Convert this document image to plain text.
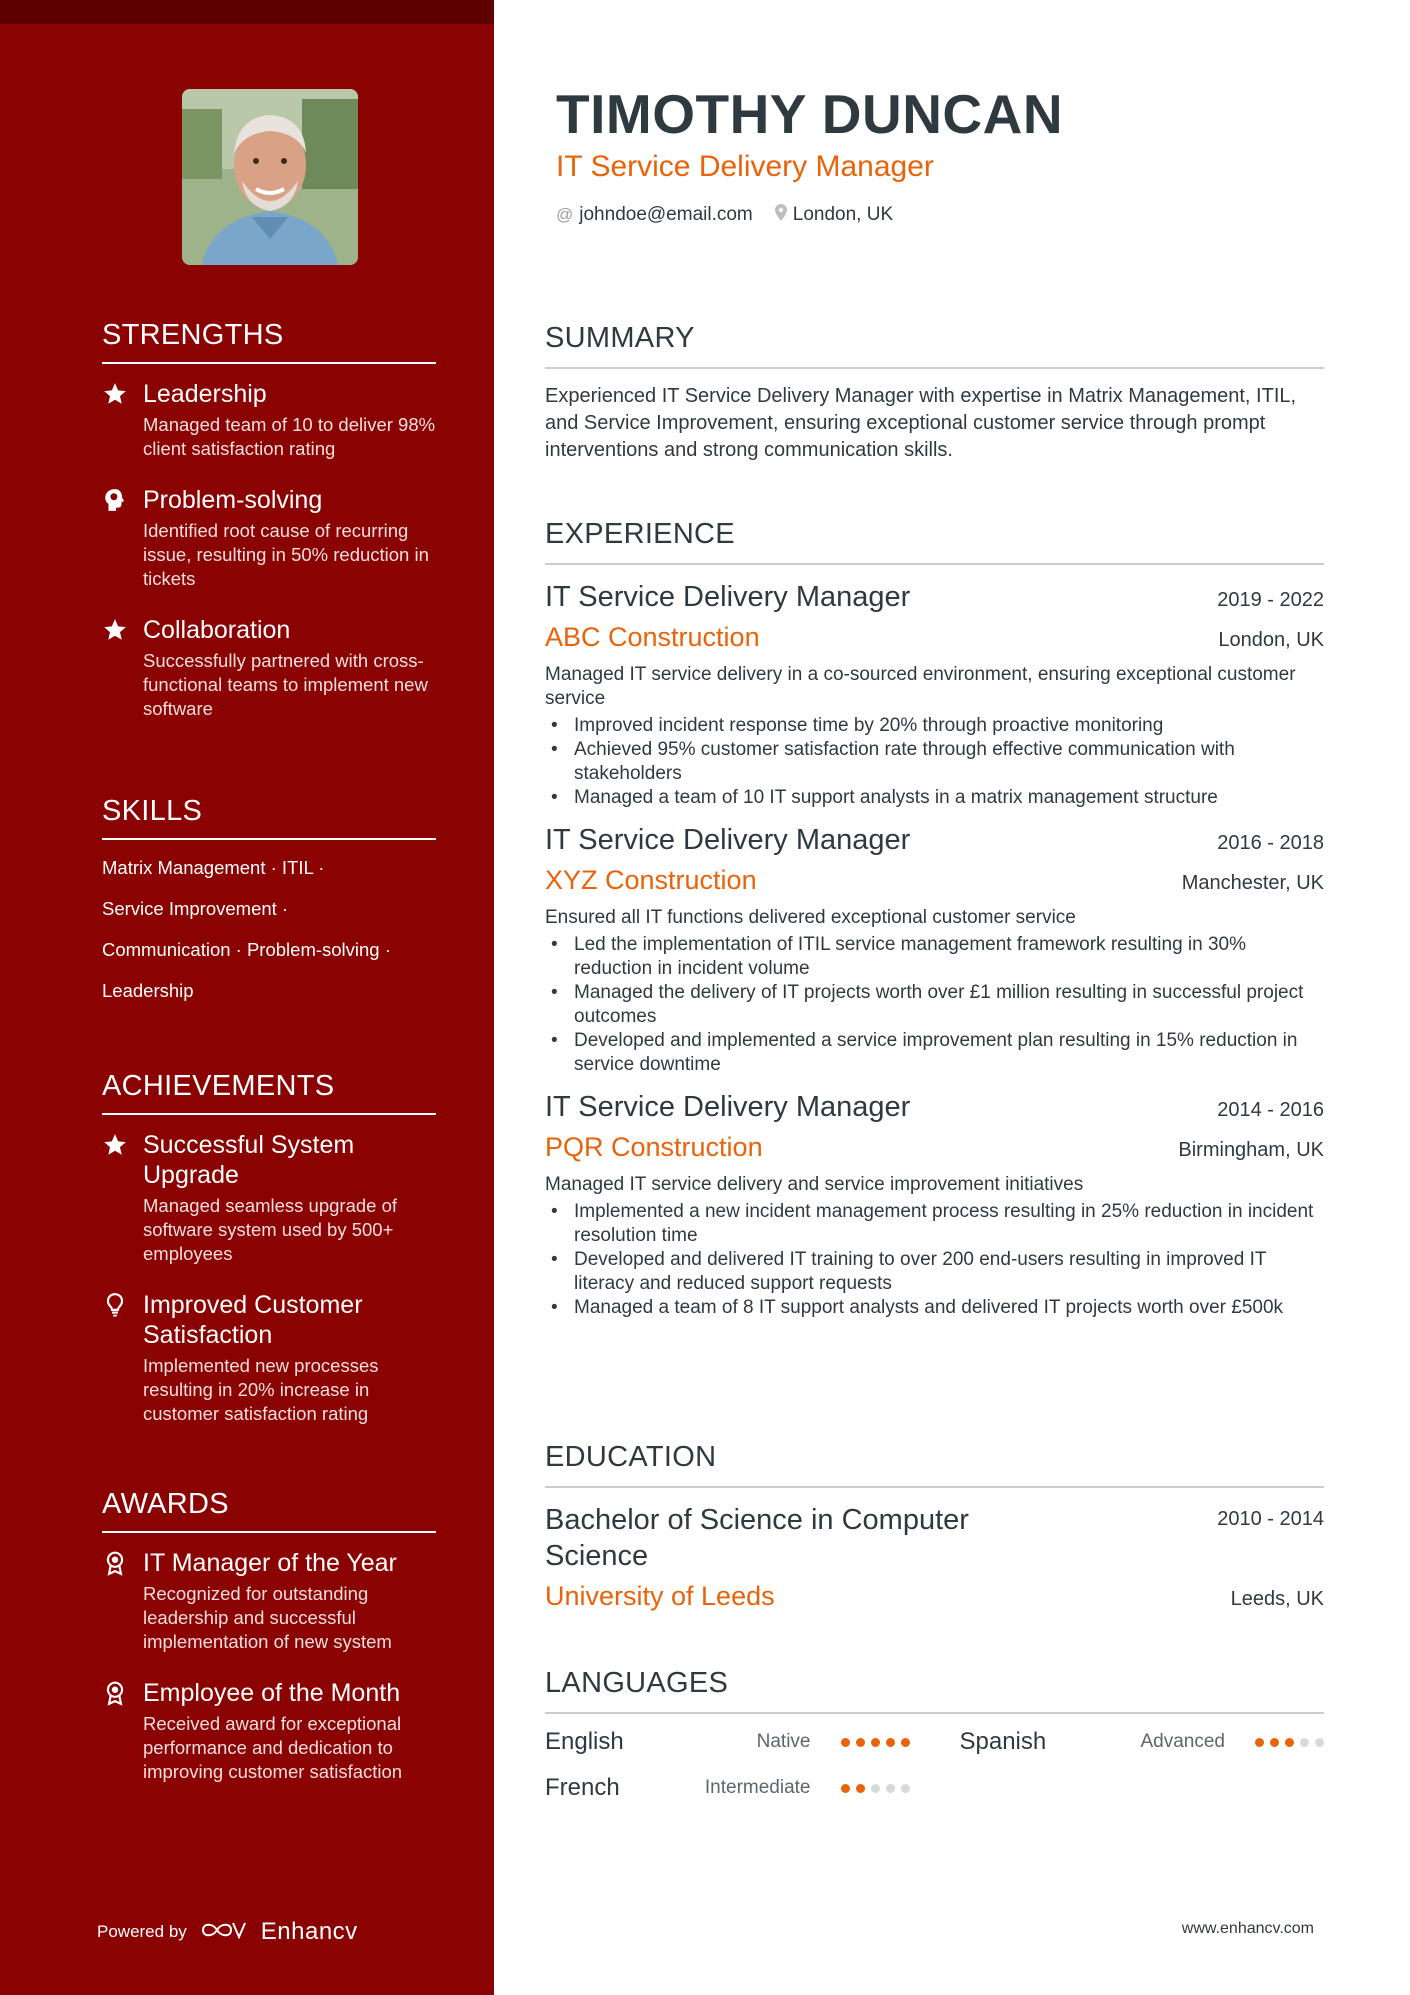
STRENGTHS
Leadership
Managed team of 10 to deliver 98% client satisfaction rating
Problem-solving
Identified root cause of recurring issue, resulting in 50% reduction in tickets
Collaboration
Successfully partnered with cross-functional teams to implement new software
SKILLS
Matrix Management · ITIL ·
Service Improvement ·
Communication · Problem-solving ·
Leadership
ACHIEVEMENTS
Successful System Upgrade
Managed seamless upgrade of software system used by 500+ employees
Improved Customer Satisfaction
Implemented new processes resulting in 20% increase in customer satisfaction rating
AWARDS
IT Manager of the Year
Recognized for outstanding leadership and successful implementation of new system
Employee of the Month
Received award for exceptional performance and dedication to improving customer satisfaction
Powered by	Enhancv
TIMOTHY DUNCAN
IT Service Delivery Manager
@ johndoe@email.com London, UK
SUMMARY
Experienced IT Service Delivery Manager with expertise in Matrix Management, ITIL, and Service Improvement, ensuring exceptional customer service through prompt interventions and strong communication skills.
EXPERIENCE
IT Service Delivery Manager	2019 - 2022
ABC Construction	London, UK
Managed IT service delivery in a co-sourced environment, ensuring exceptional customer service
• Improved incident response time by 20% through proactive monitoring
• Achieved 95% customer satisfaction rate through effective communication with stakeholders
• Managed a team of 10 IT support analysts in a matrix management structure
IT Service Delivery Manager	2016 - 2018
XYZ Construction	Manchester, UK
Ensured all IT functions delivered exceptional customer service
• Led the implementation of ITIL service management framework resulting in 30% reduction in incident volume
• Managed the delivery of IT projects worth over £1 million resulting in successful project outcomes
• Developed and implemented a service improvement plan resulting in 15% reduction in service downtime
IT Service Delivery Manager	2014 - 2016
PQR Construction	Birmingham, UK
Managed IT service delivery and service improvement initiatives
• Implemented a new incident management process resulting in 25% reduction in incident resolution time
• Developed and delivered IT training to over 200 end-users resulting in improved IT literacy and reduced support requests
• Managed a team of 8 IT support analysts and delivered IT projects worth over £500k
EDUCATION
Bachelor of Science in Computer Science
2010 - 2014
University of Leeds	Leeds, UK
LANGUAGES
English	Native	Spanish	Advanced
French	Intermediate
www.enhancv.com
